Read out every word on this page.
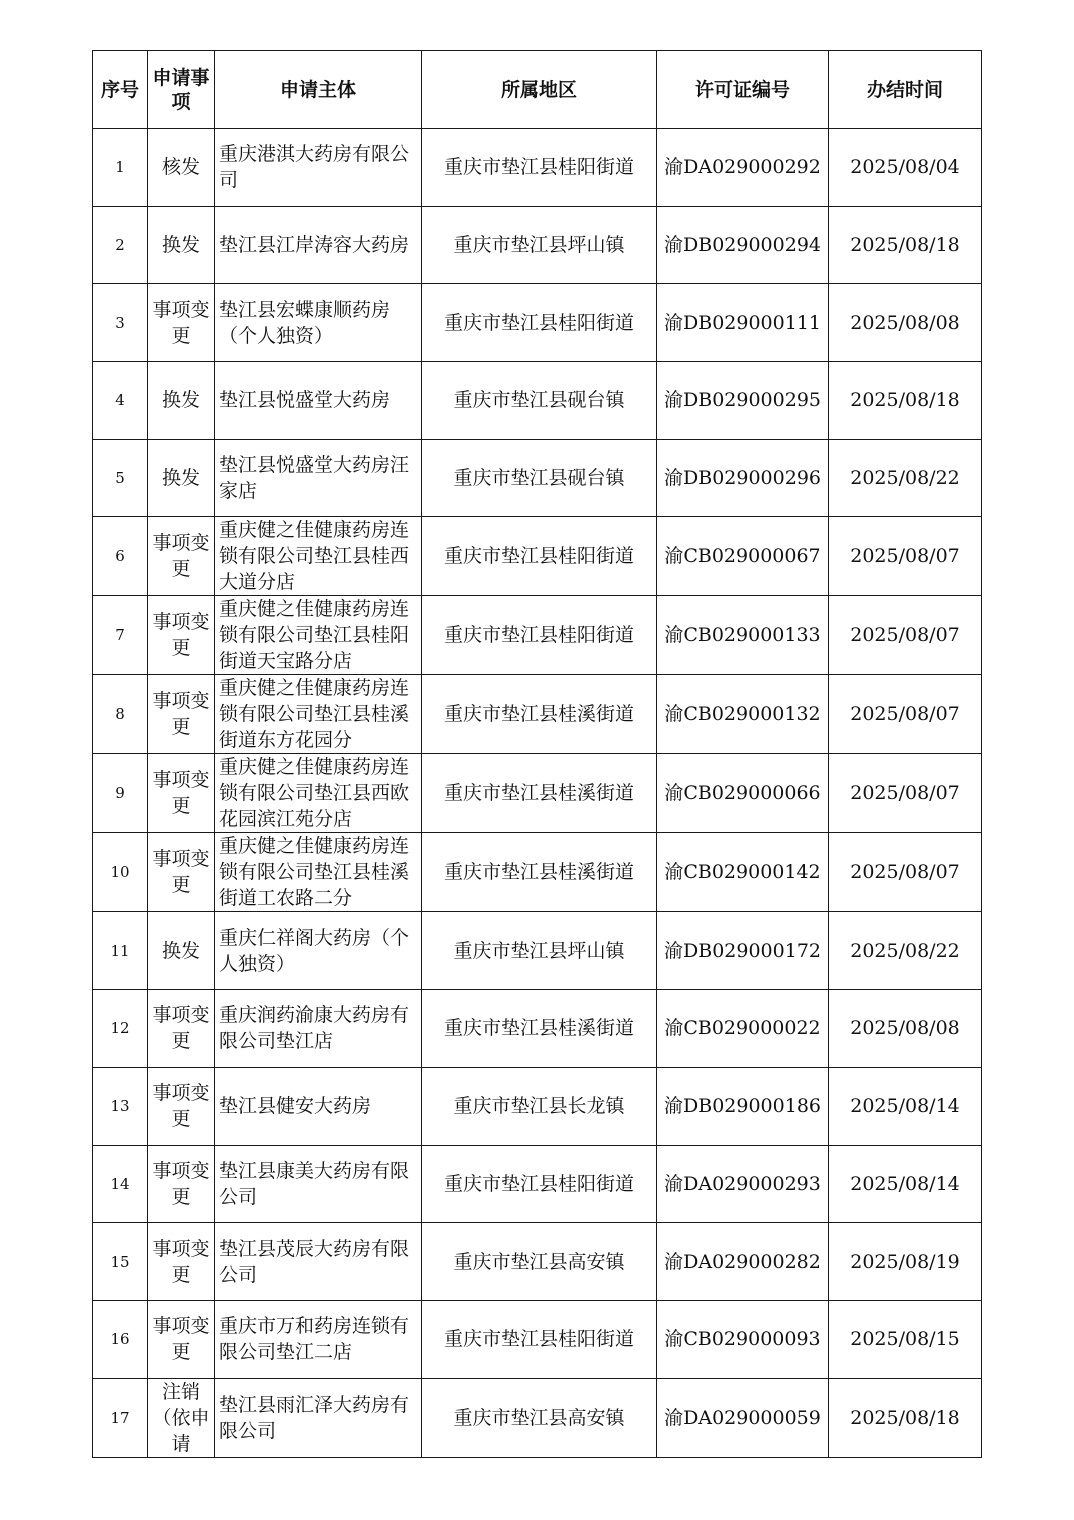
序号	申请事项	申请主体	所属地区	许可证编号	办结时间
1	核发	重庆港淇大药房有限公司	重庆市垫江县桂阳街道	渝DA029000292	2025/08/04
2	换发	垫江县江岸涛容大药房	重庆市垫江县坪山镇	渝DB029000294	2025/08/18
3	事项变更	垫江县宏蝶康顺药房（个人独资）	重庆市垫江县桂阳街道	渝DB029000111	2025/08/08
4	换发	垫江县悦盛堂大药房	重庆市垫江县砚台镇	渝DB029000295	2025/08/18
5	换发	垫江县悦盛堂大药房汪家店	重庆市垫江县砚台镇	渝DB029000296	2025/08/22
6	事项变更	重庆健之佳健康药房连锁有限公司垫江县桂西大道分店	重庆市垫江县桂阳街道	渝CB029000067	2025/08/07
7	事项变更	重庆健之佳健康药房连锁有限公司垫江县桂阳街道天宝路分店	重庆市垫江县桂阳街道	渝CB029000133	2025/08/07
8	事项变更	重庆健之佳健康药房连锁有限公司垫江县桂溪街道东方花园分	重庆市垫江县桂溪街道	渝CB029000132	2025/08/07
9	事项变更	重庆健之佳健康药房连锁有限公司垫江县西欧花园滨江苑分店	重庆市垫江县桂溪街道	渝CB029000066	2025/08/07
10	事项变更	重庆健之佳健康药房连锁有限公司垫江县桂溪街道工农路二分	重庆市垫江县桂溪街道	渝CB029000142	2025/08/07
11	换发	重庆仁祥阁大药房（个人独资）	重庆市垫江县坪山镇	渝DB029000172	2025/08/22
12	事项变更	重庆润药渝康大药房有限公司垫江店	重庆市垫江县桂溪街道	渝CB029000022	2025/08/08
13	事项变更	垫江县健安大药房	重庆市垫江县长龙镇	渝DB029000186	2025/08/14
14	事项变更	垫江县康美大药房有限公司	重庆市垫江县桂阳街道	渝DA029000293	2025/08/14
15	事项变更	垫江县茂辰大药房有限公司	重庆市垫江县高安镇	渝DA029000282	2025/08/19
16	事项变更	重庆市万和药房连锁有限公司垫江二店	重庆市垫江县桂阳街道	渝CB029000093	2025/08/15
17	注销（依申请	垫江县雨汇泽大药房有限公司	重庆市垫江县高安镇	渝DA029000059	2025/08/18
